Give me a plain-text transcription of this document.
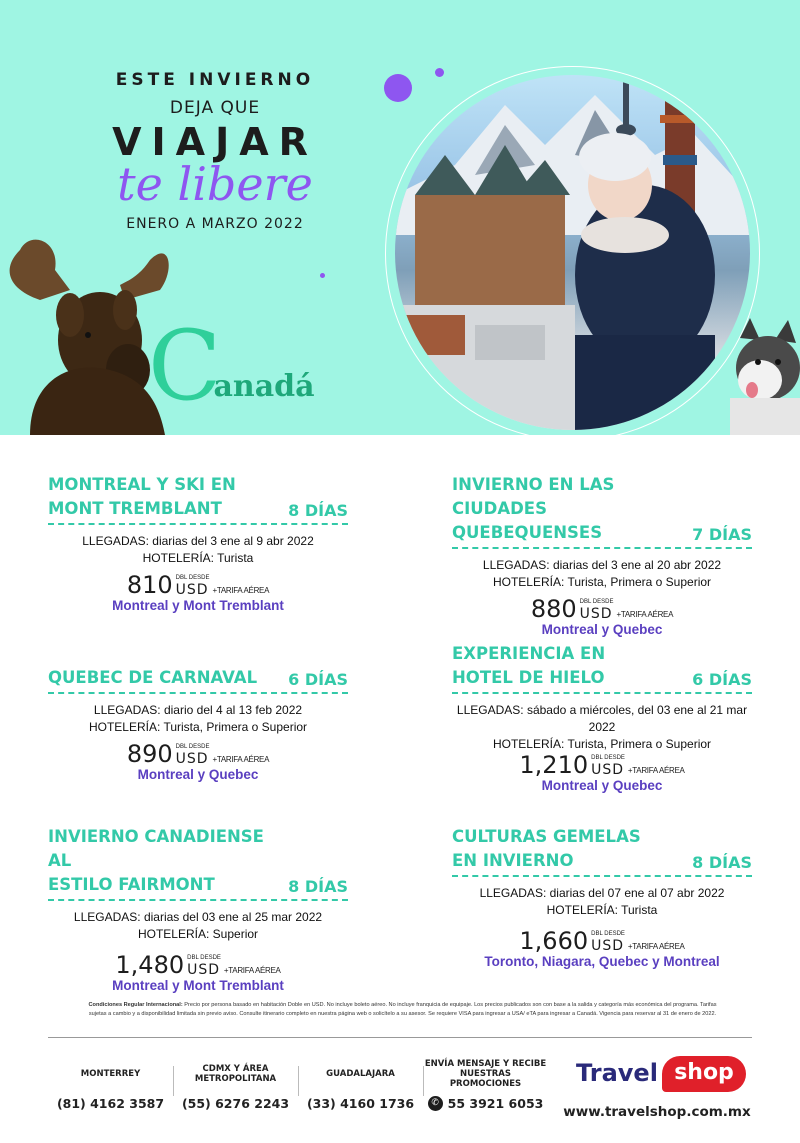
ESTE INVIERNO
DEJA QUE
VIAJAR
te libere
ENERO A MARZO 2022
Canadá
MONTREAL Y SKI EN
MONT TREMBLANT	8 DÍAS
LLEGADAS: diarias del 3 ene al 9 abr 2022
HOTELERÍA: Turista
810 DBL DESDE
USD +TARIFA AÉREA
Montreal y Mont Tremblant
INVIERNO EN LAS CIUDADES
QUEBEQUENSES	7 DÍAS
LLEGADAS: diarias del 3 ene al 20 abr 2022
HOTELERÍA: Turista, Primera o Superior
880 DBL DESDE
USD +TARIFA AÉREA
Montreal y Quebec
QUEBEC DE CARNAVAL 6 DÍAS
LLEGADAS: diario del 4 al 13 feb 2022
HOTELERÍA: Turista, Primera o Superior
890 DBL DESDE
USD +TARIFA AÉREA
Montreal y Quebec
EXPERIENCIA EN
HOTEL DE HIELO	6 DÍAS
LLEGADAS: sábado a miércoles, del 03 ene al 21 mar 2022
HOTELERÍA: Turista, Primera o Superior
1,210 DBL DESDE
USD +TARIFA AÉREA
Montreal y Quebec
INVIERNO CANADIENSE AL
ESTILO FAIRMONT	8 DÍAS
LLEGADAS: diarias del 03 ene al 25 mar 2022
HOTELERÍA: Superior
1,480 DBL DESDE
USD +TARIFA AÉREA
Montreal y Mont Tremblant
CULTURAS GEMELAS
EN INVIERNO	8 DÍAS
LLEGADAS: diarias del 07 ene al 07 abr 2022
HOTELERÍA: Turista
1,660 DBL DESDE
USD +TARIFA AÉREA
Toronto, Niagara, Quebec y Montreal
Condiciones Regular Internacional: Precio por persona basado en habitación Doble en USD. No incluye boleto aéreo. No incluye franquicia de equipaje. Los precios publicados son con base a la salida y categoría más económica del programa. Tarifas sujetas a cambio y a disponibilidad limitada sin previo aviso. Consulte itinerario completo en nuestra página web o solicítelo a su asesor. Se requiere VISA para ingresar a USA/ eTA para ingresar a Canadá. Vigencia para reservar al 31 de enero de 2022.
MONTERREY
(81) 4162 3587
CDMX Y ÁREA METROPOLITANA
(55) 6276 2243
GUADALAJARA
(33) 4160 1736
ENVÍA MENSAJE Y RECIBE NUESTRAS PROMOCIONES
✆ 55 3921 6053
Travel shop
www.travelshop.com.mx
